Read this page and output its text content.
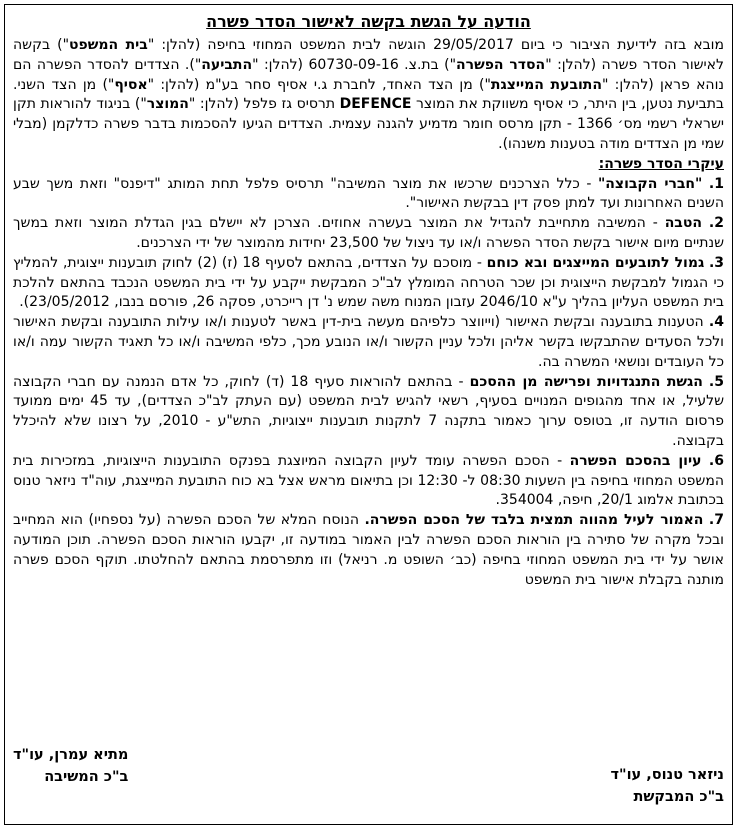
הודעה על הגשת בקשה לאישור הסדר פשרה

מובא בזה לידיעת הציבור כי ביום 29/05/2017 הוגשה לבית המשפט המחוזי בחיפה (להלן: "בית המשפט") בקשה לאישור הסדר פשרה (להלן: "הסדר הפשרה") בת.צ. 60730-09-16 (להלן: "התביעה"). הצדדים להסדר הפשרה הם נוהא פראן (להלן: "התובעת המייצגת") מן הצד האחד, לחברת ג.י אסיף סחר בע"מ (להלן: "אסיף") מן הצד השני. בתביעת נטען, בין היתר, כי אסיף משווקת את המוצר DEFENCE תרסיס גז פלפל (להלן: "המוצר") בניגוד להוראות תקן ישראלי רשמי מס׳ 1366 - תקן מרסס חומר מדמיע להגנה עצמית. הצדדים הגיעו להסכמות בדבר פשרה כדלקמן (מבלי שמי מן הצדדים מודה בטענות משנהו).

עיקרי הסדר פשרה:

1. "חברי הקבוצה" - כלל הצרכנים שרכשו את מוצר המשיבה" תרסיס פלפל תחת המותג "דיפנס" וזאת משך שבע השנים האחרונות ועד למתן פסק דין בבקשת האישור".

2. הטבה - המשיבה מתחייבת להגדיל את המוצר בעשרה אחוזים. הצרכן לא יישלם בגין הגדלת המוצר וזאת במשך שנתיים מיום אישור בקשת הסדר הפשרה ו/או עד ניצול של 23,500 יחידות מהמוצר של ידי הצרכנים.

3. גמול לתובעים המייצגים ובא כוחם - מוסכם על הצדדים, בהתאם לסעיף 18 (ז) (2) לחוק תובענות ייצוגית, להמליץ כי הגמול למבקשת הייצוגית וכן שכר הטרחה המומלץ לב"כ המבקשת ייקבע על ידי בית המשפט הנכבד בהתאם להלכת בית המשפט העליון בהליך ע"א 2046/10 עזבון המנוח משה שמש נ' דן רייכרט, פסקה 26, פורסם בנבו, 23/05/2012).

4. הטענות בתובענה ובקשת האישור (וייווצר כלפיהם מעשה בית-דין באשר לטענות ו/או עילות התובענה ובקשת האישור ולכל הסעדים שהתבקשו בקשר אליהן ולכל עניין הקשור ו/או הנובע מכך, כלפי המשיבה ו/או כל תאגיד הקשור עמה ו/או כל העובדים ונושאי המשרה בה.

5. הגשת התנגדויות ופרישה מן ההסכם - בהתאם להוראות סעיף 18 (ד) לחוק, כל אדם הנמנה עם חברי הקבוצה שלעיל, או אחד מהגופים המנויים בסעיף, רשאי להגיש לבית המשפט (עם העתק לב"כ הצדדים), עד 45 ימים ממועד פרסום הודעה זו, בטופס ערוך כאמור בתקנה 7 לתקנות תובענות ייצוגיות, התש"ע - 2010, על רצונו שלא להיכלל בקבוצה.

6. עיון בהסכם הפשרה - הסכם הפשרה עומד לעיון הקבוצה המיוצגת בפנקס התובענות הייצוגיות, במזכירות בית המשפט המחוזי בחיפה בין השעות 08:30 ל- 12:30 וכן בתיאום מראש אצל בא כוח התובעת המייצגת, עוה"ד ניזאר טנוס בכתובת אלמוג 20/1, חיפה, 354004.

7. האמור לעיל מהווה תמצית בלבד של הסכם הפשרה. הנוסח המלא של הסכם הפשרה (על נספחיו) הוא המחייב ובכל מקרה של סתירה בין הוראות הסכם הפשרה לבין האמור במודעה זו, יקבעו הוראות הסכם הפשרה. תוכן המודעה אושר על ידי בית המשפט המחוזי בחיפה (כב׳ השופט מ. רניאל) וזו מתפרסמת בהתאם להחלטתו. תוקף הסכם פשרה מותנה בקבלת אישור בית המשפט

ניזאר טנוס, עו"ד
ב"כ המבקשת
מתיא עמרן, עו"ד
ב"כ המשיבה
